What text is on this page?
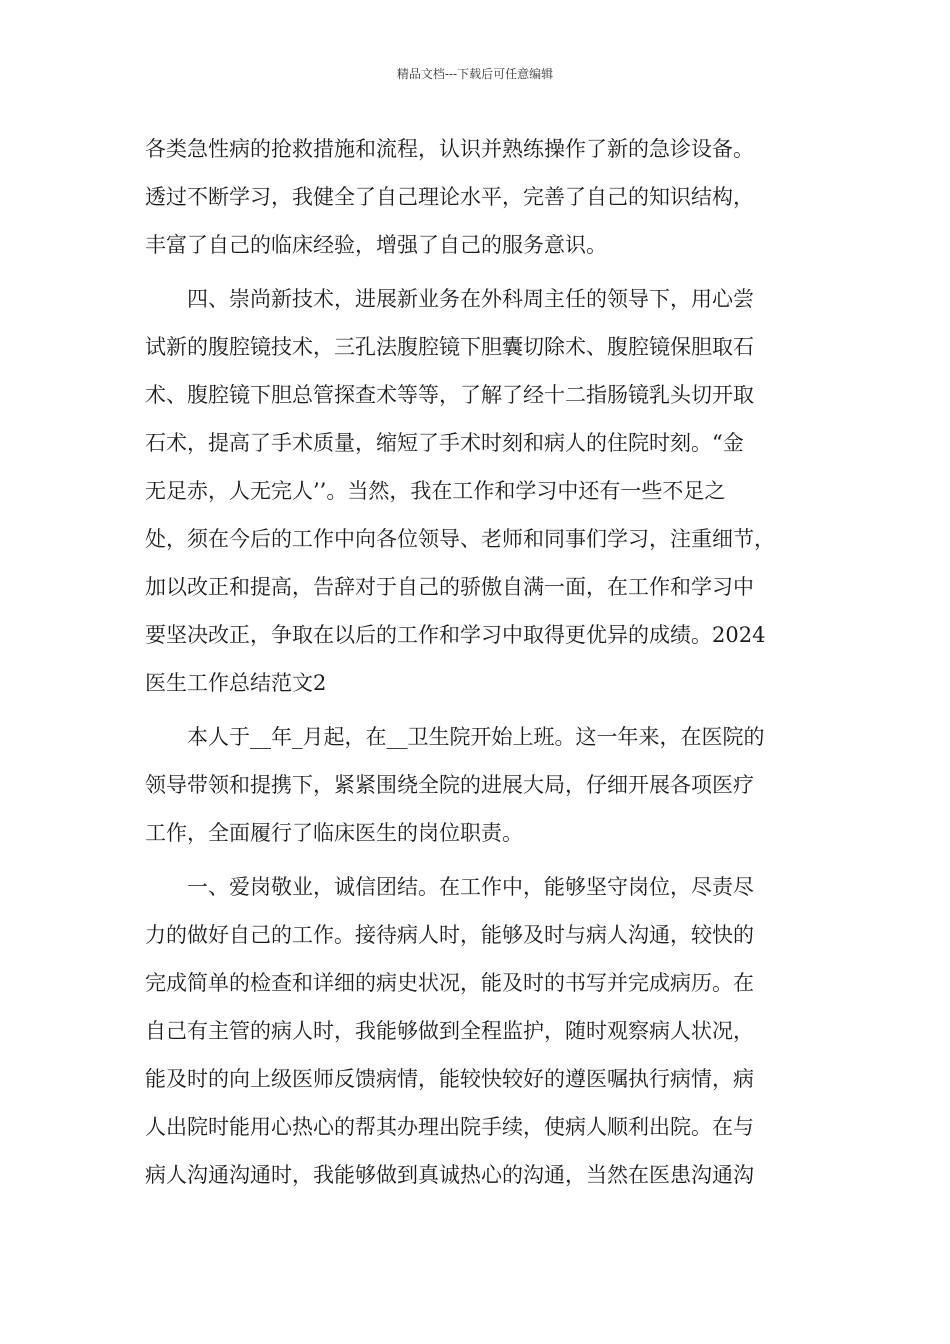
精品文档---下载后可任意编辑
各类急性病的抢救措施和流程，认识并熟练操作了新的急诊设备。
透过不断学习，我健全了自己理论水平，完善了自己的知识结构，
丰富了自己的临床经验，增强了自己的服务意识。
　　四、崇尚新技术，进展新业务在外科周主任的领导下，用心尝
试新的腹腔镜技术，三孔法腹腔镜下胆囊切除术、腹腔镜保胆取石
术、腹腔镜下胆总管探查术等等，了解了经十二指肠镜乳头切开取
石术，提高了手术质量，缩短了手术时刻和病人的住院时刻。“金
无足赤，人无完人’’。当然，我在工作和学习中还有一些不足之
处，须在今后的工作中向各位领导、老师和同事们学习，注重细节，
加以改正和提高，告辞对于自己的骄傲自满一面，在工作和学习中
要坚决改正，争取在以后的工作和学习中取得更优异的成绩。2024
医生工作总结范文2
　　本人于__年_月起，在__卫生院开始上班。这一年来，在医院的
领导带领和提携下，紧紧围绕全院的进展大局，仔细开展各项医疗
工作，全面履行了临床医生的岗位职责。
　　一、爱岗敬业，诚信团结。在工作中，能够坚守岗位，尽责尽
力的做好自己的工作。接待病人时，能够及时与病人沟通，较快的
完成简单的检查和详细的病史状况，能及时的书写并完成病历。在
自己有主管的病人时，我能够做到全程监护，随时观察病人状况，
能及时的向上级医师反馈病情，能较快较好的遵医嘱执行病情，病
人出院时能用心热心的帮其办理出院手续，使病人顺利出院。在与
病人沟通沟通时，我能够做到真诚热心的沟通，当然在医患沟通沟
